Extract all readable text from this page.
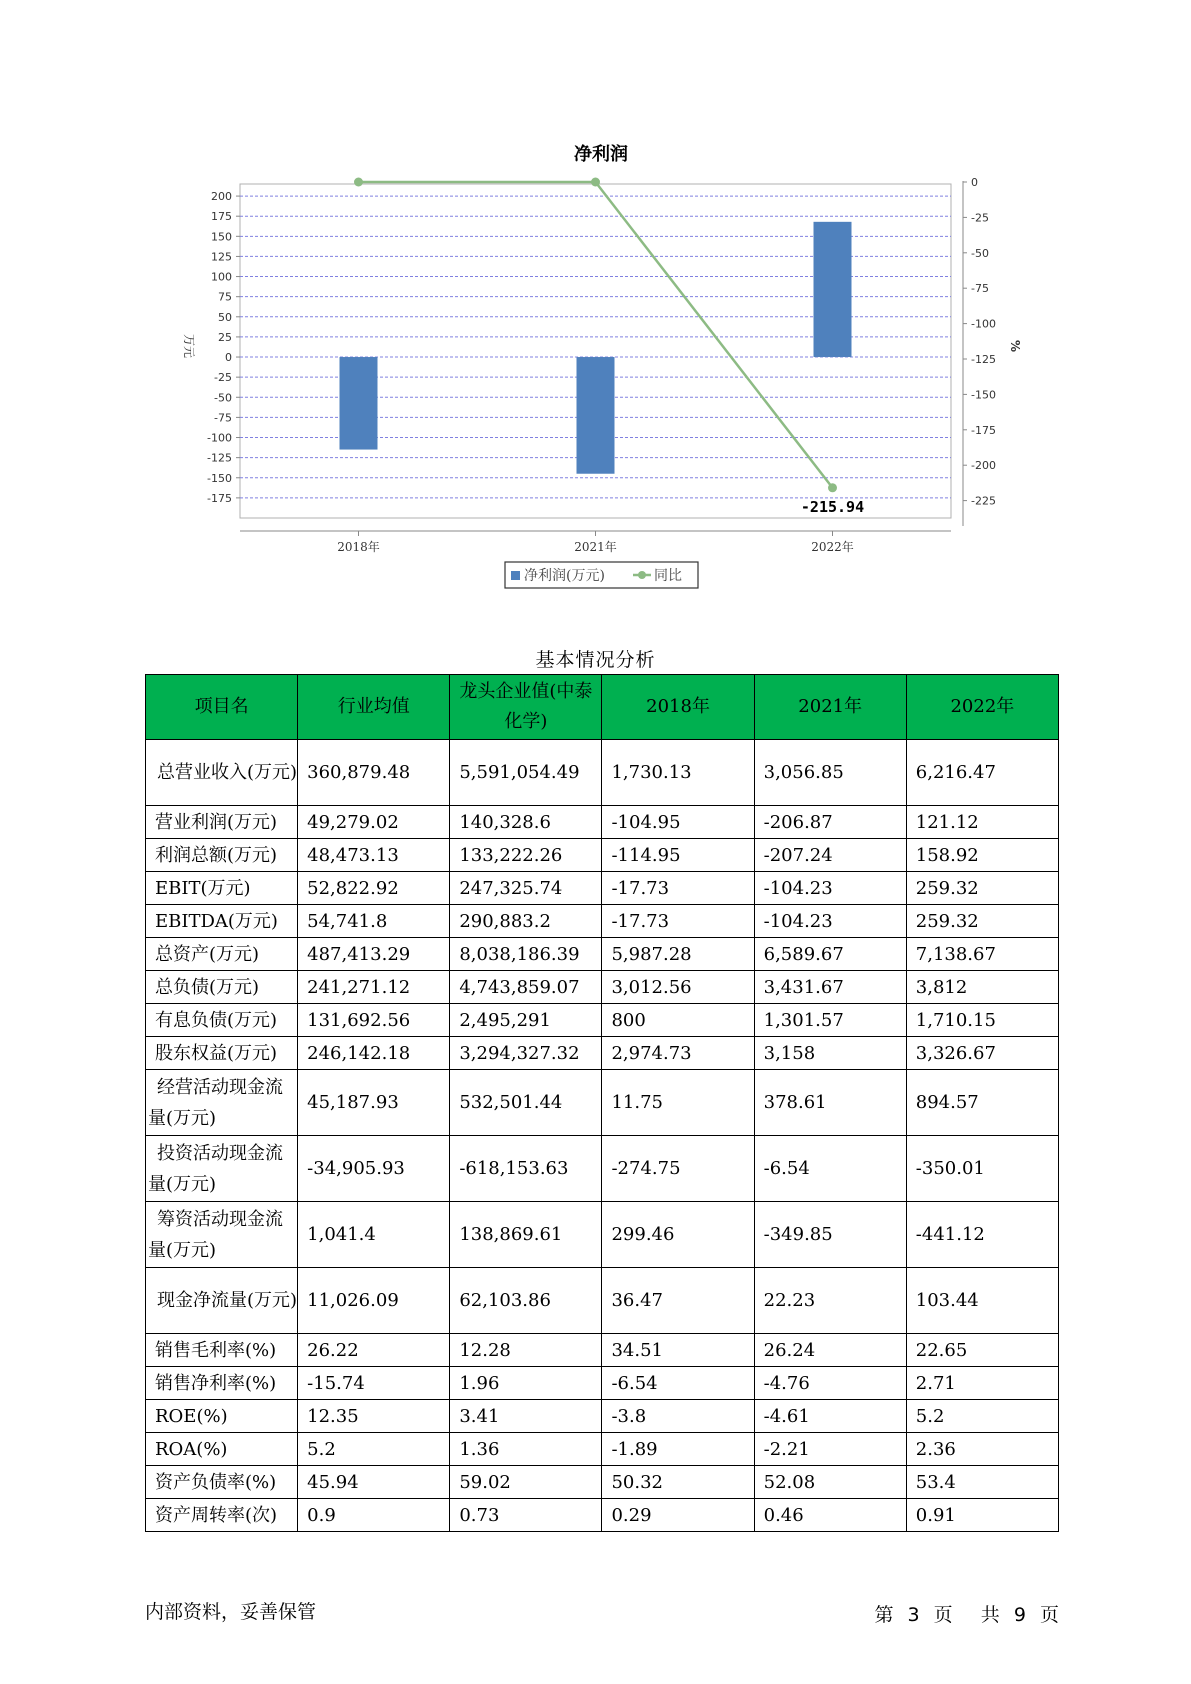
净利润
200
175
150
125
100
75
50
25
0
-25
-50
-75
-100
-125
-150
-175
0
-25
-50
-75
-100
-125
-150
-175
-200
-225
万元	%
2018年	2021年	2022年
-215.94
净利润(万元)	同比
基本情况分析
项目名	行业均值	龙头企业值(中泰化学)	2018年	2021年	2022年
总营业收入(万元)	360,879.48	5,591,054.49	1,730.13	3,056.85	6,216.47
营业利润(万元)	49,279.02	140,328.6	-104.95	-206.87	121.12
利润总额(万元)	48,473.13	133,222.26	-114.95	-207.24	158.92
EBIT(万元)	52,822.92	247,325.74	-17.73	-104.23	259.32
EBITDA(万元)	54,741.8	290,883.2	-17.73	-104.23	259.32
总资产(万元)	487,413.29	8,038,186.39	5,987.28	6,589.67	7,138.67
总负债(万元)	241,271.12	4,743,859.07	3,012.56	3,431.67	3,812
有息负债(万元)	131,692.56	2,495,291	800	1,301.57	1,710.15
股东权益(万元)	246,142.18	3,294,327.32	2,974.73	3,158	3,326.67
经营活动现金流量(万元)	45,187.93	532,501.44	11.75	378.61	894.57
投资活动现金流量(万元)	-34,905.93	-618,153.63	-274.75	-6.54	-350.01
筹资活动现金流量(万元)	1,041.4	138,869.61	299.46	-349.85	-441.12
现金净流量(万元)	11,026.09	62,103.86	36.47	22.23	103.44
销售毛利率(%)	26.22	12.28	34.51	26.24	22.65
销售净利率(%)	-15.74	1.96	-6.54	-4.76	2.71
ROE(%)	12.35	3.41	-3.8	-4.61	5.2
ROA(%)	5.2	1.36	-1.89	-2.21	2.36
资产负债率(%)	45.94	59.02	50.32	52.08	53.4
资产周转率(次)	0.9	0.73	0.29	0.46	0.91
内部资料，妥善保管	第 3 页 共 9 页
